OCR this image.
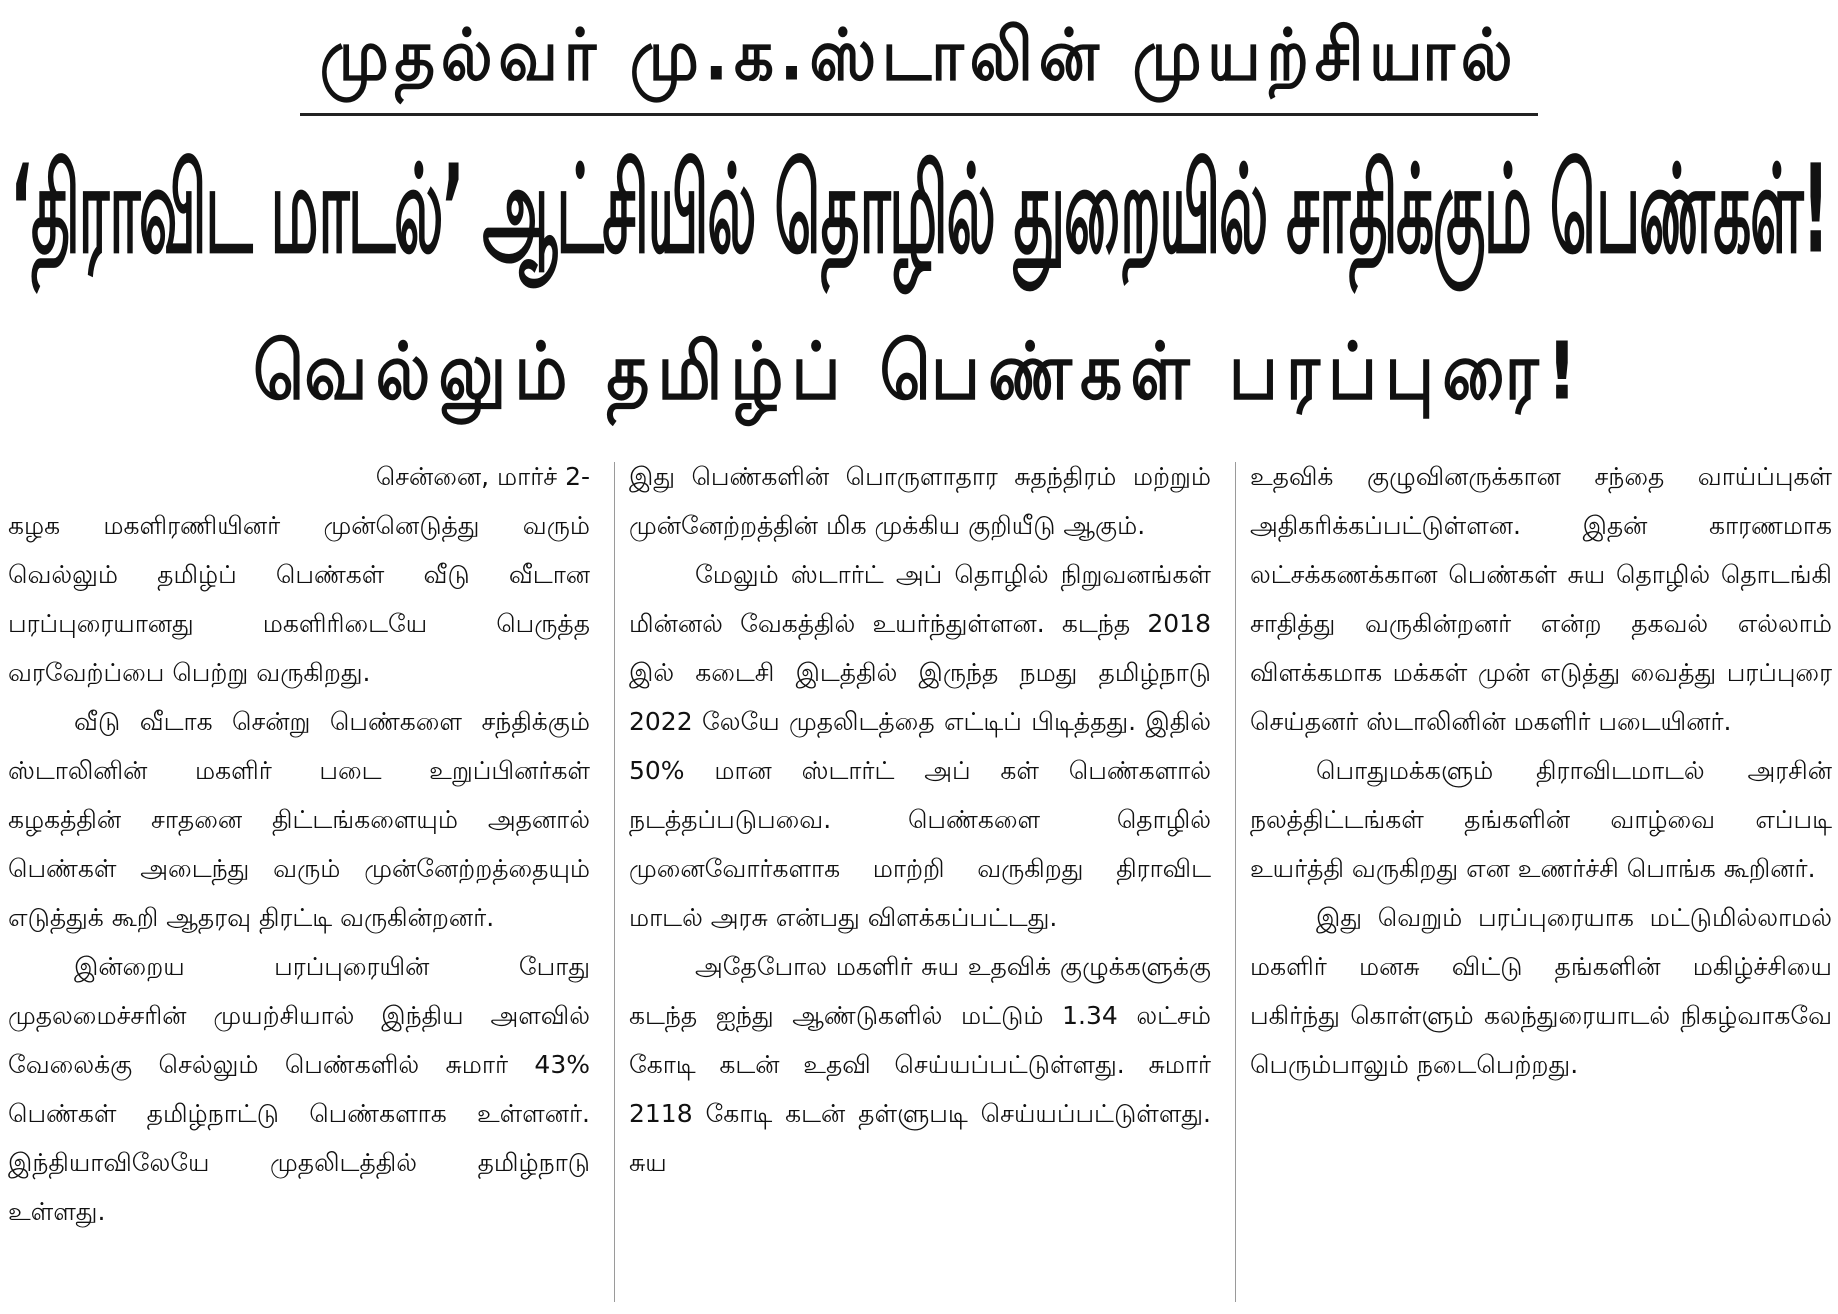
முதல்வர் மு.க.ஸ்டாலின் முயற்சியால்
‘திராவிட மாடல்’ ஆட்சியில் தொழில் துறையில் சாதிக்கும் பெண்கள்!
வெல்லும் தமிழ்ப் பெண்கள் பரப்புரை!

சென்னை, மார்ச் 2-

கழக மகளிரணியினர் முன்னெடுத்து வரும் வெல்லும் தமிழ்ப் பெண்கள் வீடு வீடான பரப்புரையானது மகளிரிடையே பெருத்த வரவேற்ப்பை பெற்று வருகிறது.

வீடு வீடாக சென்று பெண்களை சந்திக்கும் ஸ்டாலினின் மகளிர் படை உறுப்பினர்கள் கழகத்தின் சாதனை திட்டங்களையும் அதனால் பெண்கள் அடைந்து வரும் முன்னேற்றத்தையும் எடுத்துக் கூறி ஆதரவு திரட்டி வருகின்றனர்.

இன்றைய பரப்புரையின் போது முதலமைச்சரின் முயற்சியால் இந்திய அளவில் வேலைக்கு செல்லும் பெண்களில் சுமார் 43% பெண்கள் தமிழ்நாட்டு பெண்களாக உள்ளனர். இந்தியாவிலேயே முதலிடத்தில் தமிழ்நாடு உள்ளது.

இது பெண்களின் பொருளாதார சுதந்திரம் மற்றும் முன்னேற்றத்தின் மிக முக்கிய குறியீடு ஆகும்.

மேலும் ஸ்டார்ட் அப் தொழில் நிறுவனங்கள் மின்னல் வேகத்தில் உயர்ந்துள்ளன. கடந்த 2018 இல் கடைசி இடத்தில் இருந்த நமது தமிழ்நாடு 2022 லேயே முதலிடத்தை எட்டிப் பிடித்தது. இதில் 50% மான ஸ்டார்ட் அப் கள் பெண்களால் நடத்தப்படுபவை. பெண்களை தொழில் முனைவோர்களாக மாற்றி வருகிறது திராவிட மாடல் அரசு என்பது விளக்கப்பட்டது.

அதேபோல மகளிர் சுய உதவிக் குழுக்களுக்கு கடந்த ஐந்து ஆண்டுகளில் மட்டும் 1.34 லட்சம் கோடி கடன் உதவி செய்யப்பட்டுள்ளது. சுமார் 2118 கோடி கடன் தள்ளுபடி செய்யப்பட்டுள்ளது. சுய

உதவிக் குழுவினருக்கான சந்தை வாய்ப்புகள் அதிகரிக்கப்பட்டுள்ளன. இதன் காரணமாக லட்சக்கணக்கான பெண்கள் சுய தொழில் தொடங்கி சாதித்து வருகின்றனர் என்ற தகவல் எல்லாம் விளக்கமாக மக்கள் முன் எடுத்து வைத்து பரப்புரை செய்தனர் ஸ்டாலினின் மகளிர் படையினர்.

பொதுமக்களும் திராவிடமாடல் அரசின் நலத்திட்டங்கள் தங்களின் வாழ்வை எப்படி உயர்த்தி வருகிறது என உணர்ச்சி பொங்க கூறினர்.

இது வெறும் பரப்புரையாக மட்டுமில்லாமல் மகளிர் மனசு விட்டு தங்களின் மகிழ்ச்சியை பகிர்ந்து கொள்ளும் கலந்துரையாடல் நிகழ்வாகவே பெரும்பாலும் நடைபெற்றது.
